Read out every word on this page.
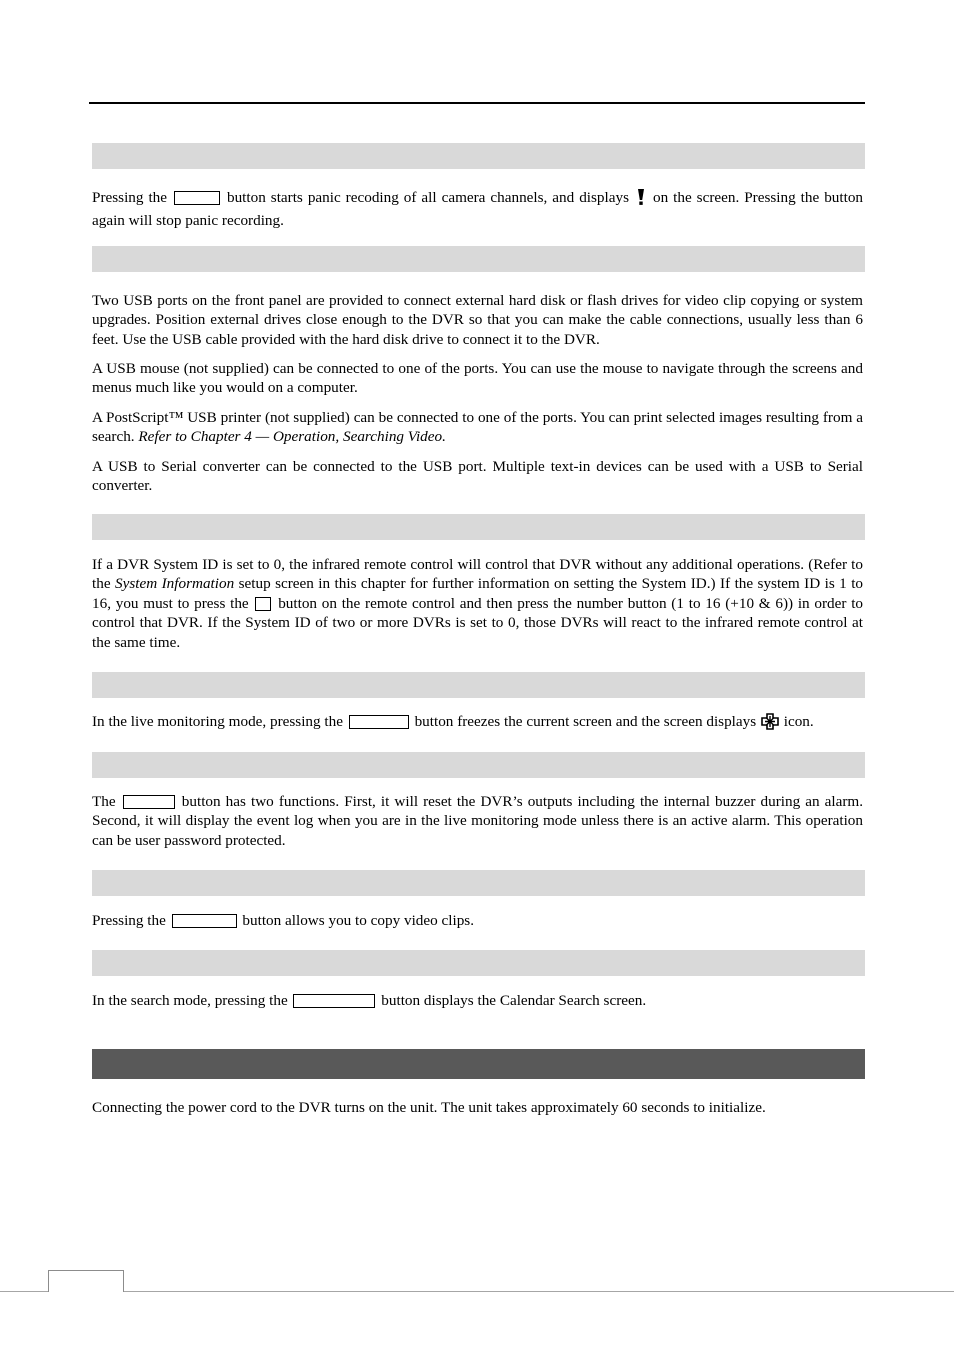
Pressing the	button starts panic recoding of all camera channels, and displays on the screen. Pressing the button again will stop panic recording.

Two USB ports on the front panel are provided to connect external hard disk or flash drives for video clip copying or system upgrades. Position external drives close enough to the DVR so that you can make the cable connections, usually less than 6 feet. Use the USB cable provided with the hard disk drive to connect it to the DVR.

A USB mouse (not supplied) can be connected to one of the ports. You can use the mouse to navigate through the screens and menus much like you would on a computer.

A PostScript™ USB printer (not supplied) can be connected to one of the ports. You can print selected images resulting from a search. Refer to Chapter 4 — Operation, Searching Video.

A USB to Serial converter can be connected to the USB port. Multiple text-in devices can be used with a USB to Serial converter.

If a DVR System ID is set to 0, the infrared remote control will control that DVR without any additional operations. (Refer to the System Information setup screen in this chapter for further information on setting the System ID.) If the system ID is 1 to 16, you must to press the button on the remote control and then press the number button (1 to 16 (+10 & 6)) in order to control that DVR. If the System ID of two or more DVRs is set to 0, those DVRs will react to the infrared remote control at the same time.

In the live monitoring mode, pressing the	button freezes the current screen and the screen displays icon.

The	button has two functions. First, it will reset the DVR’s outputs including the internal buzzer during an alarm. Second, it will display the event log when you are in the live monitoring mode unless there is an active alarm. This operation can be user password protected.

Pressing the	button allows you to copy video clips.

In the search mode, pressing the	button displays the Calendar Search screen.

Connecting the power cord to the DVR turns on the unit. The unit takes approximately 60 seconds to initialize.
